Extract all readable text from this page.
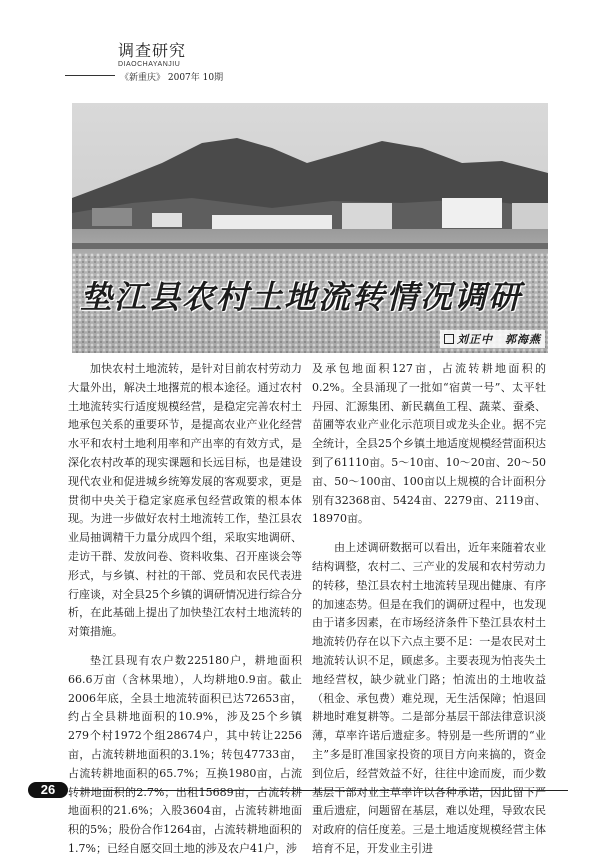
调查研究
DIAOCHAYANJIU
《新重庆》 2007年 10期
垫江县农村土地流转情况调研
刘正中　郭海燕

加快农村土地流转，是针对目前农村劳动力大量外出，解决土地撂荒的根本途径。通过农村土地流转实行适度规模经营，是稳定完善农村土地承包关系的重要环节，是提高农业产业化经营水平和农村土地利用率和产出率的有效方式，是深化农村改革的现实课题和长远目标，也是建设现代农业和促进城乡统筹发展的客观要求，更是贯彻中央关于稳定家庭承包经营政策的根本体现。为进一步做好农村土地流转工作，垫江县农业局抽调精干力量分成四个组，采取实地调研、走访干群、发放问卷、资料收集、召开座谈会等形式，与乡镇、村社的干部、党员和农民代表进行座谈，对全县25个乡镇的调研情况进行综合分析，在此基础上提出了加快垫江农村土地流转的对策措施。

垫江县现有农户数225180户，耕地面积66.6万亩（含林果地），人均耕地0.9亩。截止2006年底，全县土地流转面积已达72653亩，约占全县耕地面积的10.9%，涉及25个乡镇279个村1972个组28674户，其中转让2256亩，占流转耕地面积的3.1%；转包47733亩，占流转耕地面积的65.7%；互换1980亩，占流转耕地面积的2.7%；出租15689亩，占流转耕地面积的21.6%；入股3604亩，占流转耕地面积的5%；股份合作1264亩，占流转耕地面积的1.7%；已经自愿交回土地的涉及农户41户，涉

及承包地面积127亩，占流转耕地面积的0.2%。全县涌现了一批如“宿黄一号”、太平牡丹园、汇源集团、新民藕鱼工程、蔬菜、蚕桑、苗圃等农业产业化示范项目或龙头企业。据不完全统计，全县25个乡镇土地适度规模经营面积达到了61110亩。5～10亩、10～20亩、20～50亩、50～100亩、100亩以上规模的合计面积分别有32368亩、5424亩、2279亩、2119亩、18970亩。

由上述调研数据可以看出，近年来随着农业结构调整，农村二、三产业的发展和农村劳动力的转移，垫江县农村土地流转呈现出健康、有序的加速态势。但是在我们的调研过程中，也发现由于诸多因素，在市场经济条件下垫江县农村土地流转仍存在以下六点主要不足：一是农民对土地流转认识不足，顾虑多。主要表现为怕丧失土地经营权，缺少就业门路；怕流出的土地收益（租金、承包费）难兑现，无生活保障；怕退回耕地时难复耕等。二是部分基层干部法律意识淡薄，草率许诺后遗症多。特别是一些所谓的“业主”多是盯准国家投资的项目方向来搞的，资金到位后，经营效益不好，往往中途而废，而少数基层干部对业主草率许以各种承诺，因此留下严重后遗症，问题留在基层，难以处理，导致农民对政府的信任度差。三是土地适度规模经营主体培育不足，开发业主引进

26
